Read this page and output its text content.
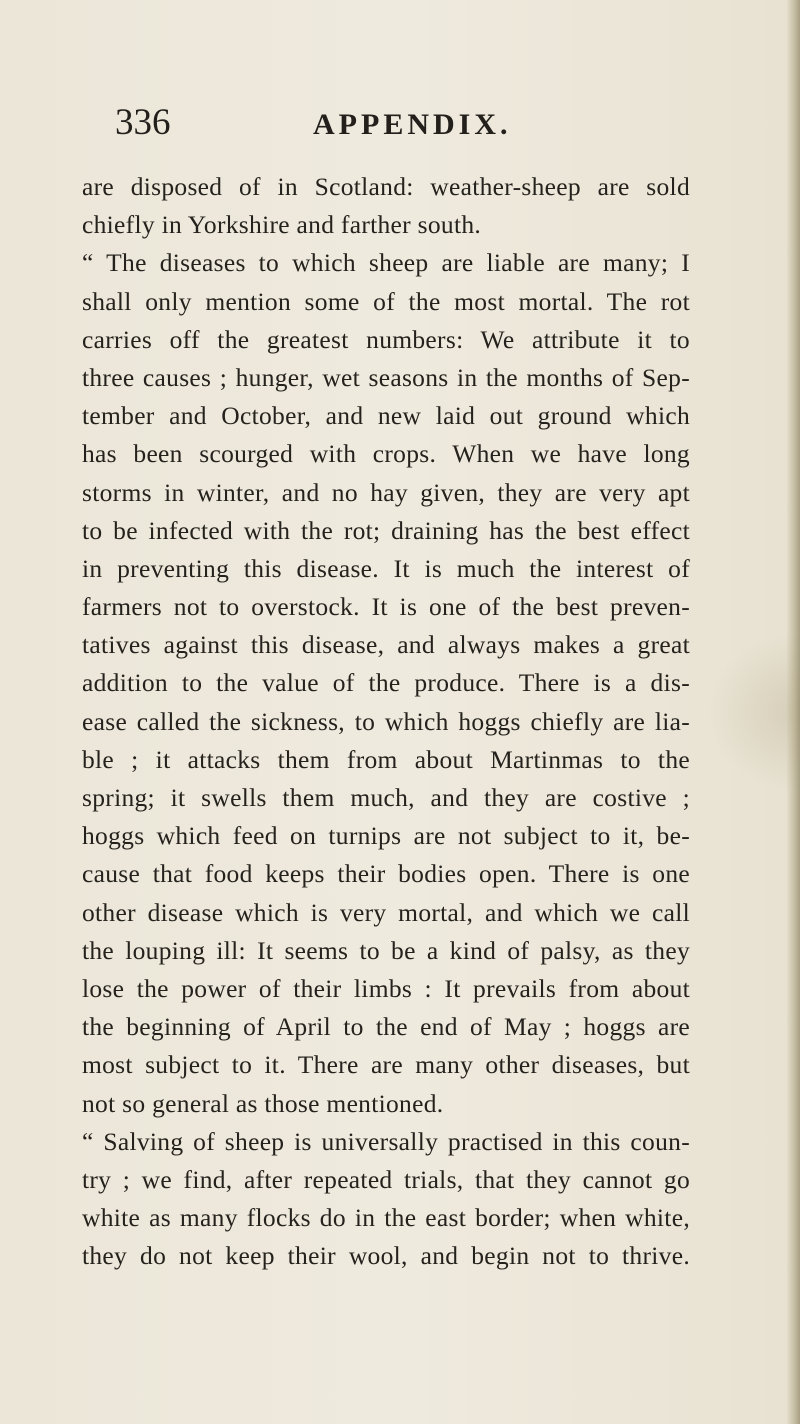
336	APPENDIX.
are disposed of in Scotland: weather-sheep are sold
chiefly in Yorkshire and farther south.
“ The diseases to which sheep are liable are many; I
shall only mention some of the most mortal. The rot
carries off the greatest numbers: We attribute it to
three causes ; hunger, wet seasons in the months of Sep-
tember and October, and new laid out ground which
has been scourged with crops. When we have long
storms in winter, and no hay given, they are very apt
to be infected with the rot; draining has the best effect
in preventing this disease. It is much the interest of
farmers not to overstock. It is one of the best preven-
tatives against this disease, and always makes a great
addition to the value of the produce. There is a dis-
ease called the sickness, to which hoggs chiefly are lia-
ble ; it attacks them from about Martinmas to the
spring; it swells them much, and they are costive ;
hoggs which feed on turnips are not subject to it, be-
cause that food keeps their bodies open. There is one
other disease which is very mortal, and which we call
the louping ill: It seems to be a kind of palsy, as they
lose the power of their limbs : It prevails from about
the beginning of April to the end of May ; hoggs are
most subject to it. There are many other diseases, but
not so general as those mentioned.
“ Salving of sheep is universally practised in this coun-
try ; we find, after repeated trials, that they cannot go
white as many flocks do in the east border; when white,
they do not keep their wool, and begin not to thrive.
